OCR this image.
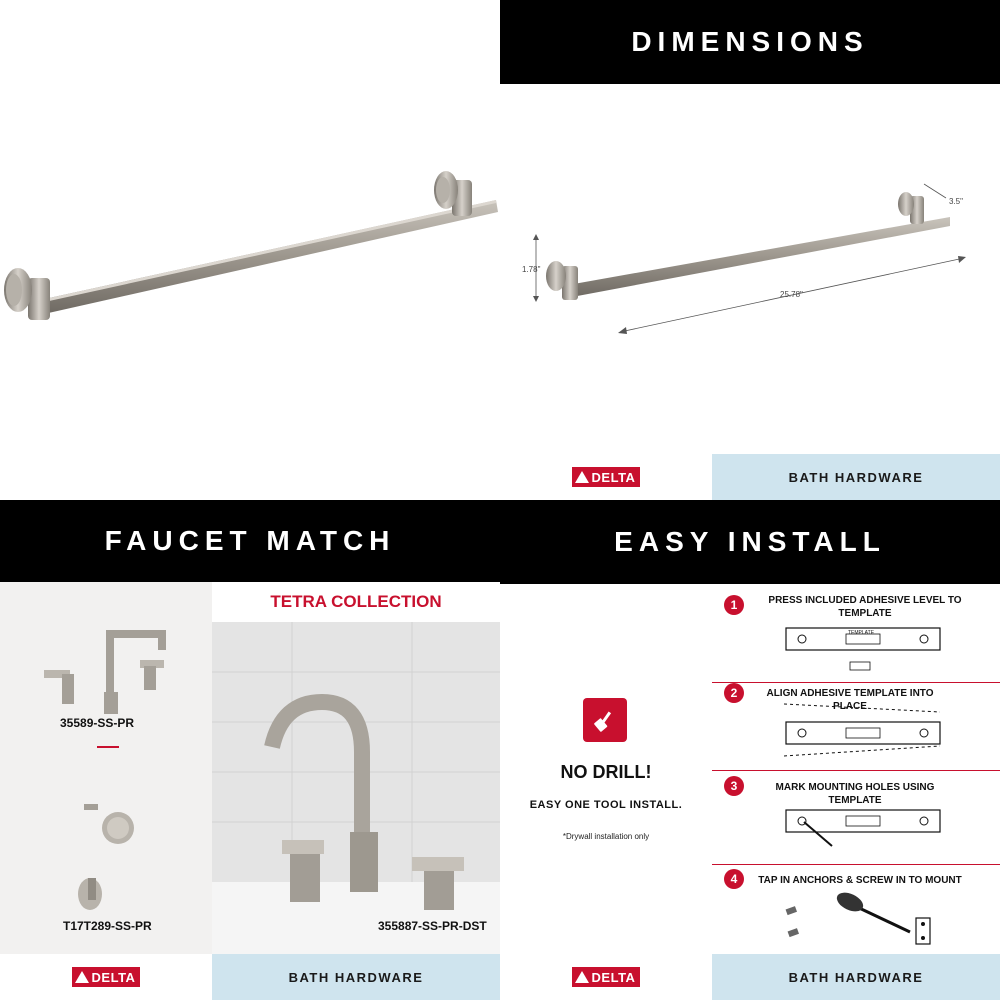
DIMENSIONS
3.5"
1.78"
25.78"
DELTA	BATH HARDWARE
FAUCET MATCH
TETRA COLLECTION
35589-SS-PR
T17T289-SS-PR	355887-SS-PR-DST
DELTA	BATH HARDWARE
EASY INSTALL
NO DRILL!
EASY ONE TOOL INSTALL.
*Drywall installation only
1	PRESS INCLUDED ADHESIVE LEVEL TO TEMPLATE
2	ALIGN ADHESIVE TEMPLATE INTO PLACE
3	MARK MOUNTING HOLES USING TEMPLATE
4	TAP IN ANCHORS & SCREW IN TO MOUNT
TEMPLATE
DELTA	BATH HARDWARE
